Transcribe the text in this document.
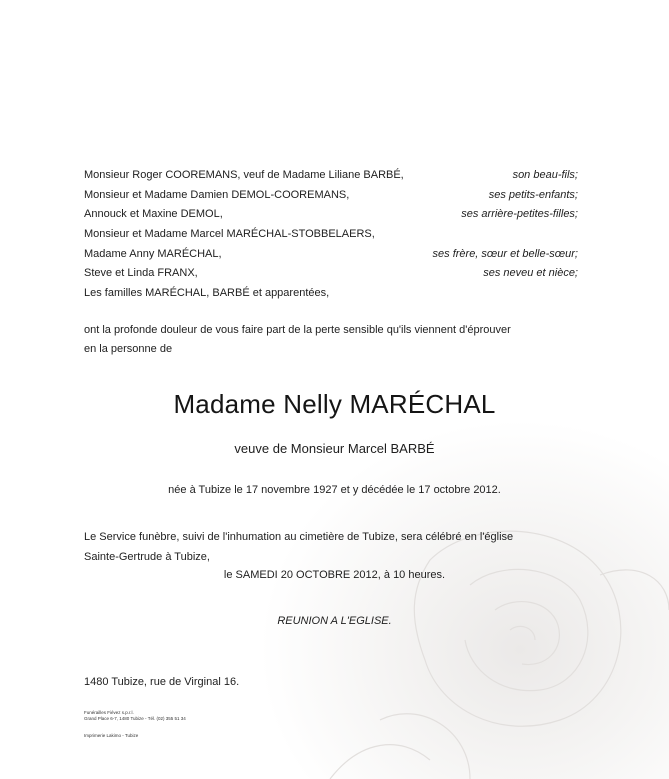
Monsieur Roger COOREMANS, veuf de Madame Liliane BARBÉ,	son beau-fils;
Monsieur et Madame Damien DEMOL-COOREMANS,	ses petits-enfants;
Annouck et Maxine DEMOL,	ses arrière-petites-filles;
Monsieur et Madame Marcel MARÉCHAL-STOBBELAERS,
Madame Anny MARÉCHAL,	ses frère, sœur et belle-sœur;
Steve et Linda FRANX,	ses neveu et nièce;
Les familles MARÉCHAL, BARBÉ et apparentées,
ont la profonde douleur de vous faire part de la perte sensible qu'ils viennent d'éprouver
en la personne de
Madame Nelly MARÉCHAL
veuve de Monsieur Marcel BARBÉ
née à Tubize le 17 novembre 1927 et y décédée le 17 octobre 2012.
Le Service funèbre, suivi de l'inhumation au cimetière de Tubize, sera célébré en l'église
Sainte-Gertrude à Tubize,
le SAMEDI 20 OCTOBRE 2012, à 10 heures.
REUNION A L'EGLISE.
1480 Tubize, rue de Virginal 16.
Funérailles Fiévez s.p.r.l.
Grand Place 6-7, 1480 Tubize - Tél. (02) 355 51 34
Imprimerie Lakimo - Tubize
